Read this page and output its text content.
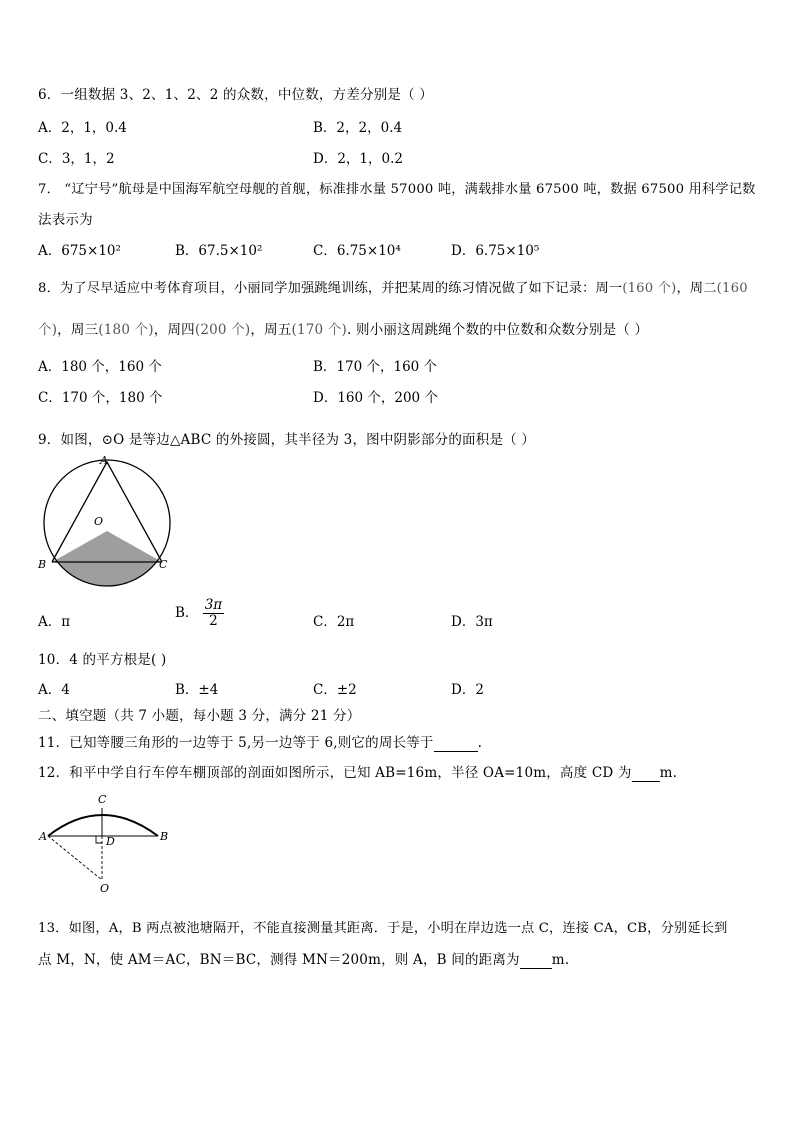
6．一组数据 3、2、1、2、2 的众数，中位数，方差分别是（ ）
A．2，1，0.4	B．2，2，0.4
C．3，1，2	D．2，1，0.2
7． “辽宁号”航母是中国海军航空母舰的首舰，标准排水量 57000 吨，满载排水量 67500 吨，数据 67500 用科学记数
法表示为
A．675×10²	B．67.5×10²	C．6.75×10⁴	D．6.75×10⁵
8．为了尽早适应中考体育项目，小丽同学加强跳绳训练，并把某周的练习情况做了如下记录：周一(160 个)，周二(160
个)，周三(180 个)，周四(200 个)，周五(170 个). 则小丽这周跳绳个数的中位数和众数分别是（ ）
A．180 个，160 个	B．170 个，160 个
C．170 个，180 个	D．160 个，200 个
9．如图，⊙O 是等边△ABC 的外接圆，其半径为 3，图中阴影部分的面积是（ ）
A
O
B	C
A．π
B． $\frac{3\pi}{2}$	C．2π	D．3π
10．4 的平方根是( )
A．4	B．±4	C．±2	D．2
二、填空题（共 7 小题，每小题 3 分，满分 21 分）
11．已知等腰三角形的一边等于 5,另一边等于 6,则它的周长等于	.
12．和平中学自行车停车棚顶部的剖面如图所示，已知 AB=16m，半径 OA=10m，高度 CD 为 m.
C
A	B
D
O
13．如图，A，B 两点被池塘隔开，不能直接测量其距离．于是，小明在岸边选一点 C，连接 CA，CB，分别延长到
点 M，N，使 AM＝AC，BN＝BC，测得 MN＝200m，则 A，B 间的距离为 m.
